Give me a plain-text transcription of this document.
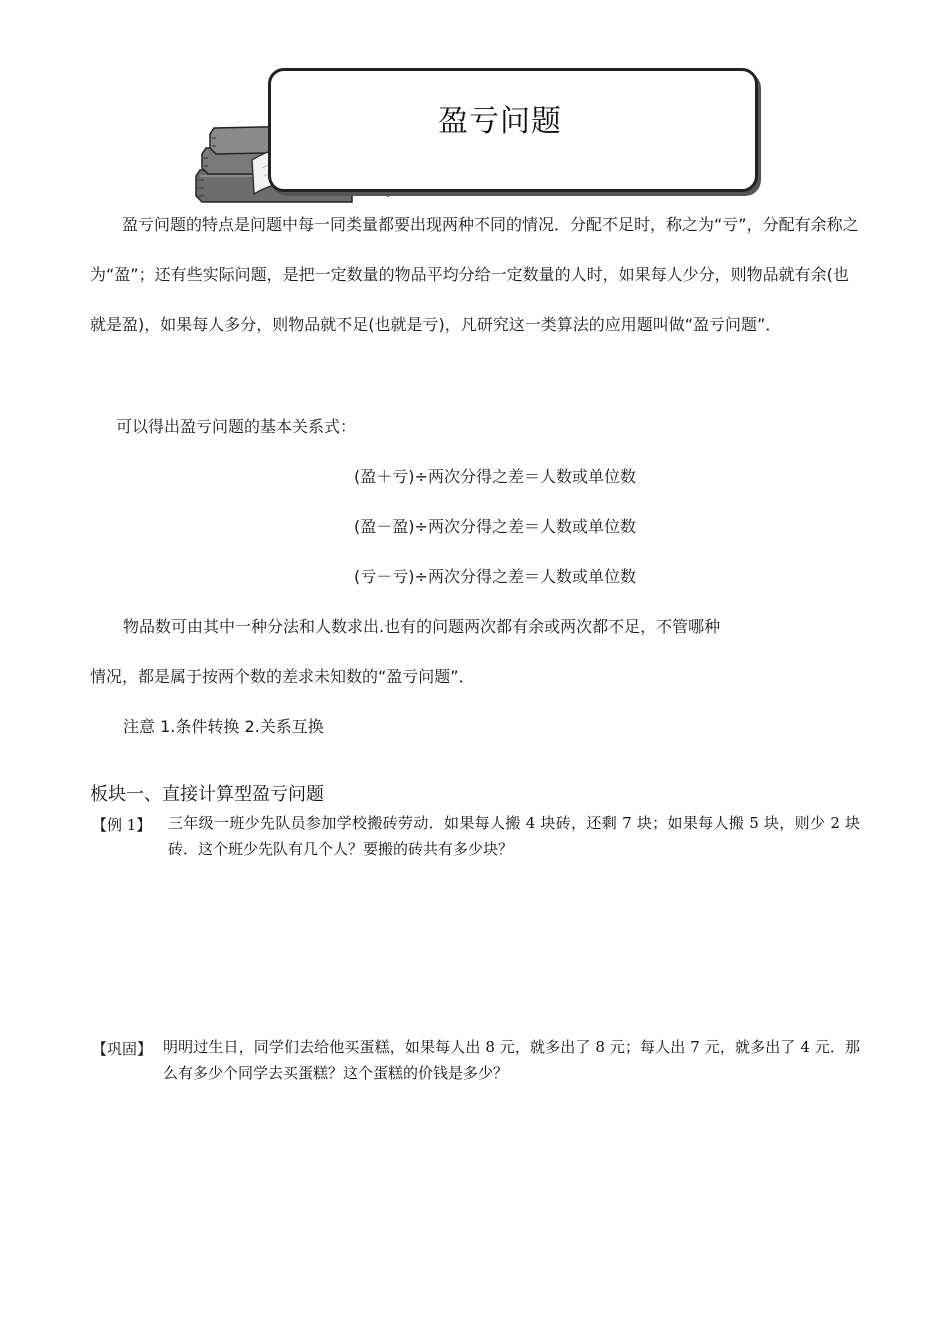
盈亏问题

盈亏问题的特点是问题中每一同类量都要出现两种不同的情况．分配不足时，称之为“亏”，分配有余称之为“盈”；还有些实际问题，是把一定数量的物品平均分给一定数量的人时，如果每人少分，则物品就有余(也就是盈)，如果每人多分，则物品就不足(也就是亏)，凡研究这一类算法的应用题叫做“盈亏问题”．

可以得出盈亏问题的基本关系式：
(盈＋亏)÷两次分得之差＝人数或单位数
(盈－盈)÷两次分得之差＝人数或单位数
(亏－亏)÷两次分得之差＝人数或单位数
物品数可由其中一种分法和人数求出.也有的问题两次都有余或两次都不足，不管哪种
情况，都是属于按两个数的差求未知数的“盈亏问题”．
注意 1.条件转换 2.关系互换
板块一、直接计算型盈亏问题
【例 1】 三年级一班少先队员参加学校搬砖劳动．如果每人搬 4 块砖，还剩 7 块；如果每人搬 5 块，则少 2 块砖．这个班少先队有几个人？要搬的砖共有多少块？
【巩固】 明明过生日，同学们去给他买蛋糕，如果每人出 8 元，就多出了 8 元；每人出 7 元，就多出了 4 元．那么有多少个同学去买蛋糕？这个蛋糕的价钱是多少？
